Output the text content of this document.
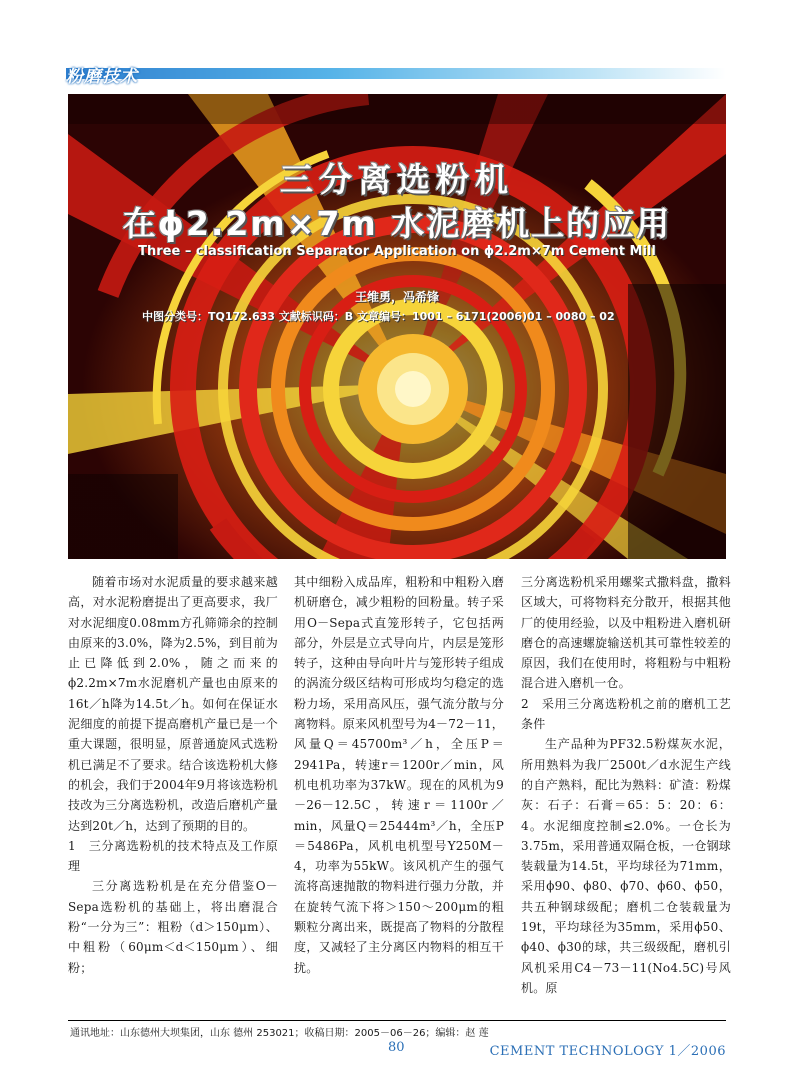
粉磨技术
三分离选粉机
在ϕ2.2m×7m 水泥磨机上的应用
Three – classification Separator Application on ϕ2.2m×7m Cement Mill
王维勇，冯希锋
中图分类号：TQ172.633 文献标识码：B 文章编号：1001 – 6171(2006)01 – 0080 – 02

随着市场对水泥质量的要求越来越高，对水泥粉磨提出了更高要求，我厂对水泥细度0.08mm方孔筛筛余的控制由原来的3.0%，降为2.5%，到目前为止已降低到2.0%，随之而来的ϕ2.2m×7m水泥磨机产量也由原来的16t／h降为14.5t／h。如何在保证水泥细度的前提下提高磨机产量已是一个重大课题，很明显，原普通旋风式选粉机已满足不了要求。结合该选粉机大修的机会，我们于2004年9月将该选粉机技改为三分离选粉机，改造后磨机产量达到20t／h，达到了预期的目的。

1　三分离选粉机的技术特点及工作原理

三分离选粉机是在充分借鉴O－Sepa选粉机的基础上，将出磨混合粉“一分为三”：粗粉（d＞150μm）、中粗粉（60μm＜d＜150μm）、细粉；

其中细粉入成品库，粗粉和中粗粉入磨机研磨仓，减少粗粉的回粉量。转子采用O－Sepa式直笼形转子，它包括两部分，外层是立式导向片，内层是笼形转子，这种由导向叶片与笼形转子组成的涡流分级区结构可形成均匀稳定的选粉力场，采用高风压，强气流分散与分离物料。原来风机型号为4－72－11，风量Q＝45700m³／h，全压P＝2941Pa，转速r＝1200r／min，风机电机功率为37kW。现在的风机为9－26－12.5C，转速r＝1100r／min，风量Q＝25444m³／h，全压P＝5486Pa，风机电机型号Y250M－4，功率为55kW。该风机产生的强气流将高速抛散的物料进行强力分散，并在旋转气流下将＞150～200μm的粗颗粒分离出来，既提高了物料的分散程度，又减轻了主分离区内物料的相互干扰。

三分离选粉机采用螺桨式撒料盘，撒料区域大，可将物料充分散开，根据其他厂的使用经验，以及中粗粉进入磨机研磨仓的高速螺旋输送机其可靠性较差的原因，我们在使用时，将粗粉与中粗粉混合进入磨机一仓。

2　采用三分离选粉机之前的磨机工艺条件

生产品种为PF32.5粉煤灰水泥，所用熟料为我厂2500t／d水泥生产线的自产熟料，配比为熟料：矿渣：粉煤灰：石子：石膏＝65：5：20：6：4。水泥细度控制≤2.0%。一仓长为3.75m，采用普通双隔仓板，一仓钢球装载量为14.5t，平均球径为71mm，采用ϕ90、ϕ80、ϕ70、ϕ60、ϕ50，共五种钢球级配；磨机二仓装载量为19t，平均球径为35mm，采用ϕ50、ϕ40、ϕ30的球，共三级级配，磨机引风机采用C4－73－11(No4.5C)号风机。原

通讯地址：山东德州大坝集团，山东 德州 253021；收稿日期：2005－06－26；编辑：赵 莲
80	CEMENT TECHNOLOGY 1／2006
